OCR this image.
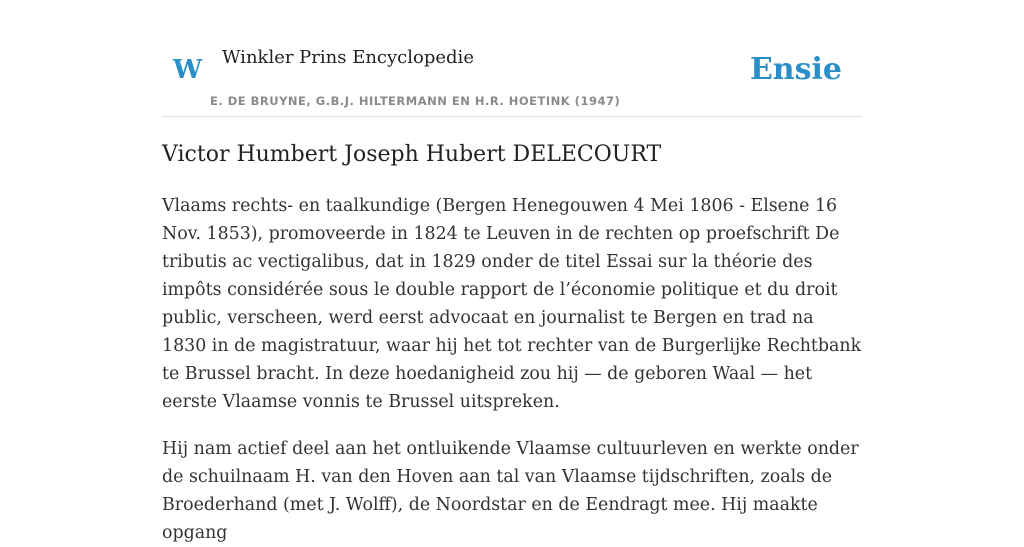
W Winkler Prins Encyclopedie
E. DE BRUYNE, G.B.J. HILTERMANN EN H.R. HOETINK (1947)
Ensie
Victor Humbert Joseph Hubert DELECOURT

Vlaams rechts- en taalkundige (Bergen Henegouwen 4 Mei 1806 - Elsene 16 Nov. 1853), promoveerde in 1824 te Leuven in de rechten op proefschrift De tributis ac vectigalibus, dat in 1829 onder de titel Essai sur la théorie des impôts considérée sous le double rapport de l’économie politique et du droit public, verscheen, werd eerst advocaat en journalist te Bergen en trad na 1830 in de magistratuur, waar hij het tot rechter van de Burgerlijke Rechtbank te Brussel bracht. In deze hoedanigheid zou hij — de geboren Waal — het eerste Vlaamse vonnis te Brussel uitspreken.

Hij nam actief deel aan het ontluikende Vlaamse cultuurleven en werkte onder de schuilnaam H. van den Hoven aan tal van Vlaamse tijdschriften, zoals de Broederhand (met J. Wolff), de Noordstar en de Eendragt mee. Hij maakte opgang
